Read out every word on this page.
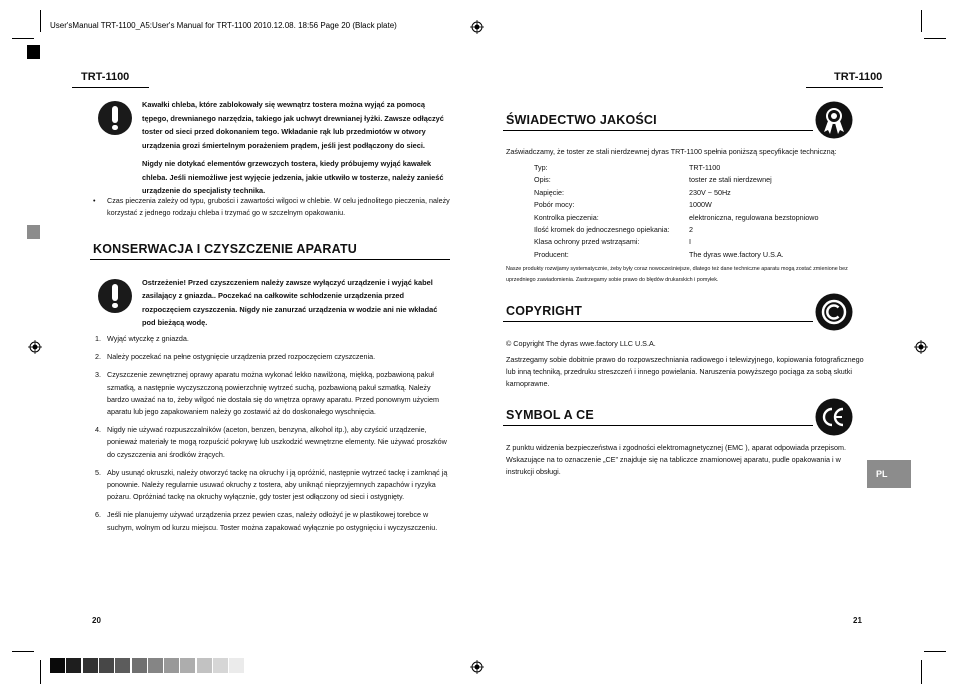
User'sManual TRT-1100_A5:User's Manual for TRT-1100 2010.12.08. 18:56 Page 20 (Black plate)
TRT-1100

Kawałki chleba, które zablokowały się wewnątrz tostera można wyjąć za pomocą tępego, drewnianego narzędzia, takiego jak uchwyt drewnianej łyżki. Zawsze odłączyć toster od sieci przed dokonaniem tego. Wkładanie rąk lub przedmiotów w otwory urządzenia grozi śmiertelnym porażeniem prądem, jeśli jest podłączony do sieci.

Nigdy nie dotykać elementów grzewczych tostera, kiedy próbujemy wyjąć kawałek chleba. Jeśli niemożliwe jest wyjęcie jedzenia, jakie utkwiło w tosterze, należy zanieść urządzenie do specjalisty technika.

•	Czas pieczenia zależy od typu, grubości i zawartości wilgoci w chlebie. W celu jednolitego pieczenia, należy korzystać z jednego rodzaju chleba i trzymać go w szczelnym opakowaniu.
KONSERWACJA I CZYSZCZENIE APARATU
Ostrzeżenie! Przed czyszczeniem należy zawsze wyłączyć urządzenie i wyjąć kabel zasilający z gniazda.. Poczekać na całkowite schłodzenie urządzenia przed rozpoczęciem czyszczenia. Nigdy nie zanurzać urządzenia w wodzie ani nie wkładać pod bieżącą wodę.
1. Wyjąć wtyczkę z gniazda.
2. Należy poczekać na pełne ostygnięcie urządzenia przed rozpoczęciem czyszczenia.
3. Czyszczenie zewnętrznej oprawy aparatu można wykonać lekko nawilżoną, miękką, pozbawioną pakuł szmatką, a następnie wyczyszczoną powierzchnię wytrzeć suchą, pozbawioną pakuł szmatką. Należy bardzo uważać na to, żeby wilgoć nie dostała się do wnętrza oprawy aparatu. Przed ponownym użyciem aparatu lub jego zapakowaniem należy go zostawić aż do doskonałego wyschnięcia.
4. Nigdy nie używać rozpuszczalników (aceton, benzen, benzyna, alkohol itp.), aby czyścić urządzenie, ponieważ materiały te mogą rozpuścić pokrywę lub uszkodzić wewnętrzne elementy. Nie używać proszków do czyszczenia ani środków żrących.
5. Aby usunąć okruszki, należy otworzyć tackę na okruchy i ją opróżnić, następnie wytrzeć tackę i zamknąć ją ponownie. Należy regularnie usuwać okruchy z tostera, aby uniknąć nieprzyjemnych zapachów i ryzyka pożaru. Opróżniać tackę na okruchy wyłącznie, gdy toster jest odłączony od sieci i ostygnięty.
6. Jeśli nie planujemy używać urządzenia przez pewien czas, należy odłożyć je w plastikowej torebce w suchym, wolnym od kurzu miejscu. Toster można zapakować wyłącznie po ostygnięciu i wyczyszczeniu.
20
TRT-1100
ŚWIADECTWO JAKOŚCI
Zaświadczamy, że toster ze stali nierdzewnej dyras TRT-1100 spełnia poniższą specyfikacje techniczną:
Typ:	TRT-1100
Opis:	toster ze stali nierdzewnej
Napięcie:	230V ~ 50Hz
Pobór mocy:	1000W
Kontrolka pieczenia:	elektroniczna, regulowana bezstopniowo
Ilość kromek do jednoczesnego opiekania:	2
Klasa ochrony przed wstrząsami:	I
Producent:	The dyras wwe.factory U.S.A.
Nasze produkty rozwijamy systematycznie, żeby były coraz nowocześniejsze, dlatego też dane techniczne aparatu mogą zostać zmienione bez uprzedniego zawiadomienia. Zastrzegamy sobie prawo do błędów drukarskich i pomyłek.
COPYRIGHT
© Copyright The dyras wwe.factory LLC U.S.A.
Zastrzegamy sobie dobitnie prawo do rozpowszechniania radiowego i telewizyjnego, kopiowania fotograficznego lub inną techniką, przedruku streszczeń i innego powielania. Naruszenia powyższego pociąga za sobą skutki karnoprawne.
SYMBOL A CE
Z punktu widzenia bezpieczeństwa i zgodności elektromagnetycznej (EMC ), aparat odpowiada przepisom. Wskazujące na to oznaczenie „CE” znajduje się na tabliczce znamionowej aparatu, pudle opakowania i w instrukcji obsługi.	PL
21
